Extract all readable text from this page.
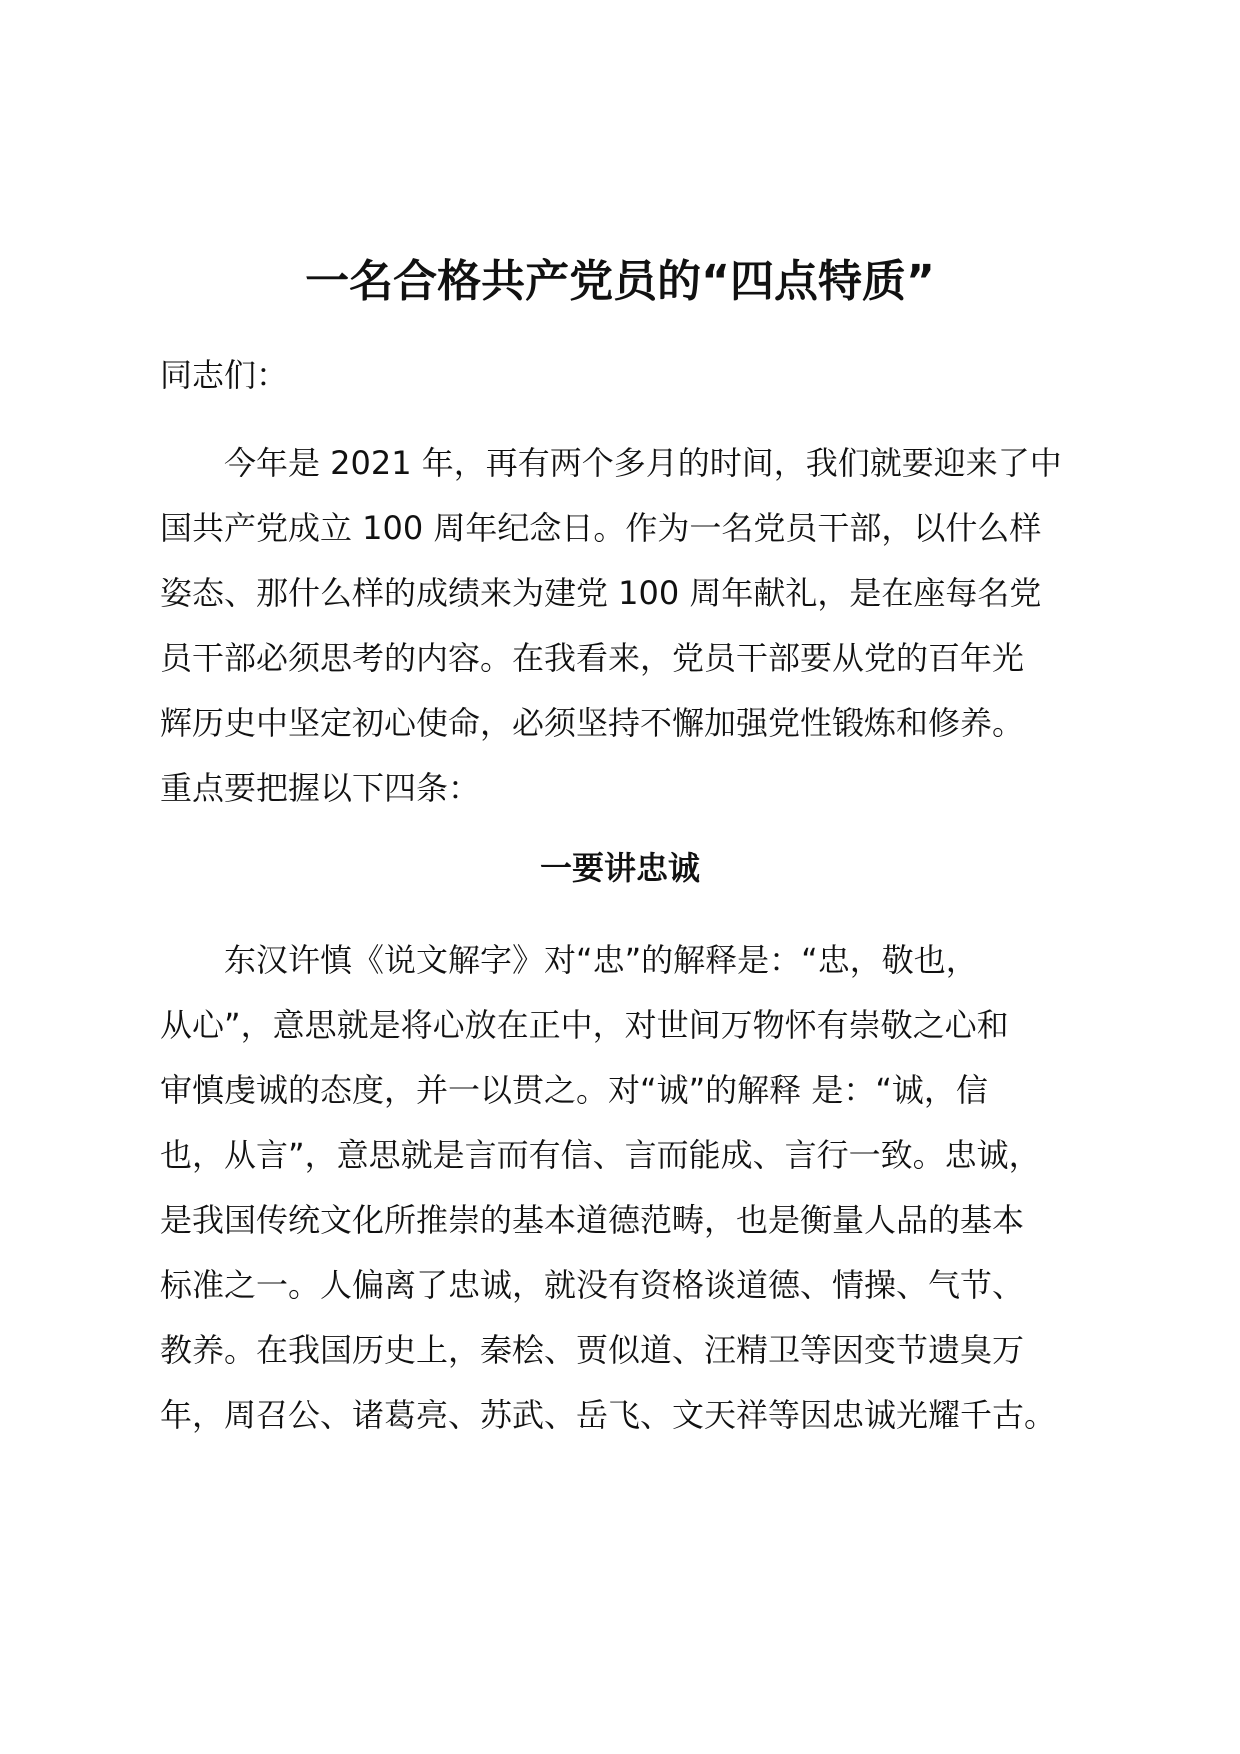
一名合格共产党员的“四点特质”

同志们：

　　今年是 2021 年，再有两个多月的时间，我们就要迎来了中
国共产党成立 100 周年纪念日。作为一名党员干部，以什么样
姿态、那什么样的成绩来为建党 100 周年献礼，是在座每名党
员干部必须思考的内容。在我看来，党员干部要从党的百年光
辉历史中坚定初心使命，必须坚持不懈加强党性锻炼和修养。
重点要把握以下四条：
一要讲忠诚
　　东汉许慎《说文解字》对“忠”的解释是：“忠，敬也，
从心”，意思就是将心放在正中，对世间万物怀有崇敬之心和
审慎虔诚的态度，并一以贯之。对“诚”的解释 是：“诚，信
也，从言”，意思就是言而有信、言而能成、言行一致。忠诚，
是我国传统文化所推崇的基本道德范畴，也是衡量人品的基本
标准之一。人偏离了忠诚，就没有资格谈道德、情操、气节、
教养。在我国历史上，秦桧、贾似道、汪精卫等因变节遗臭万
年，周召公、诸葛亮、苏武、岳飞、文天祥等因忠诚光耀千古。
